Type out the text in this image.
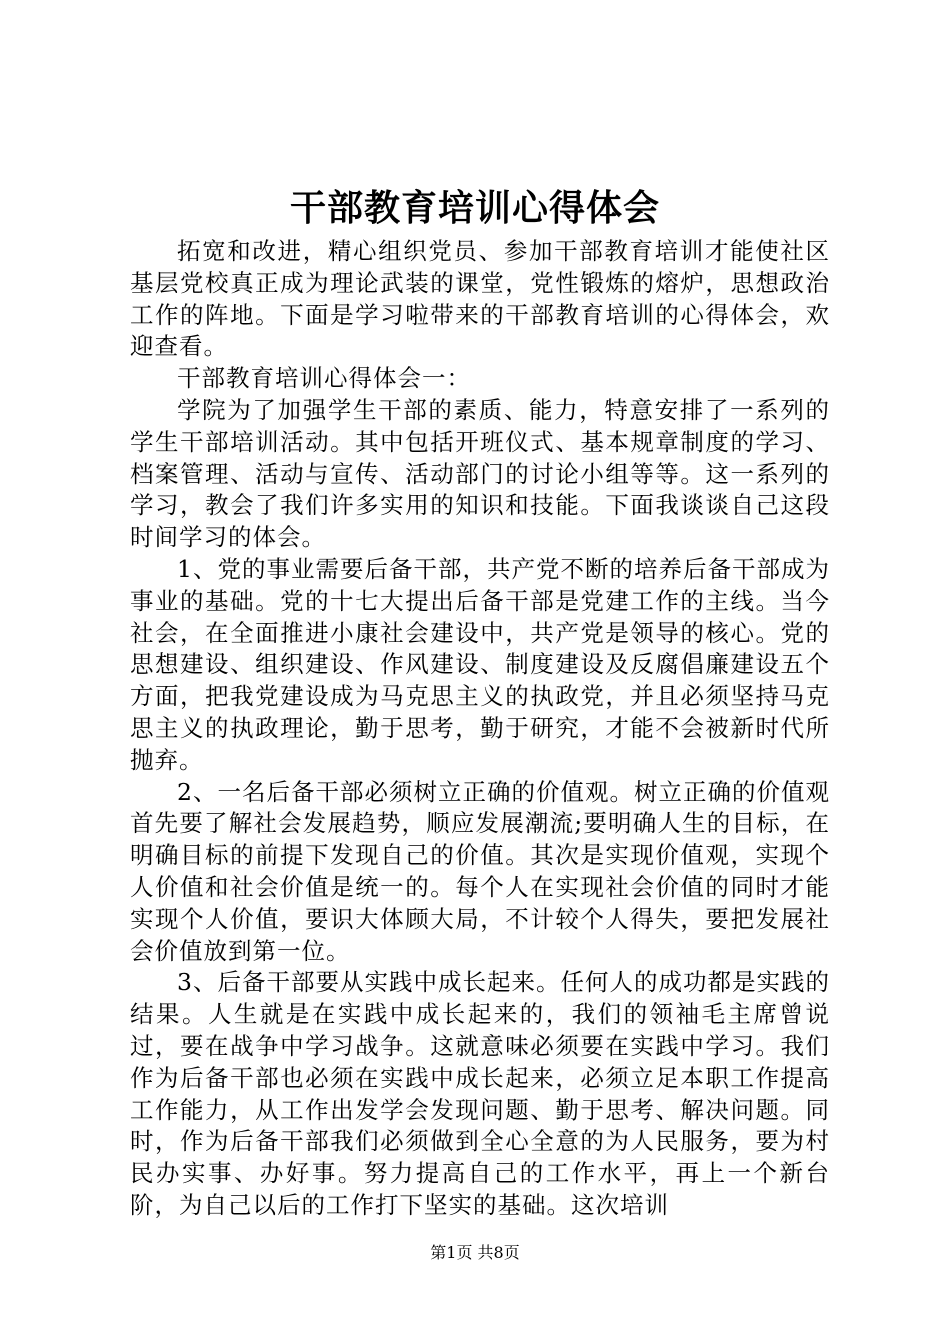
干部教育培训心得体会

拓宽和改进，精心组织党员、参加干部教育培训才能使社区基层党校真正成为理论武装的课堂，党性锻炼的熔炉，思想政治工作的阵地。下面是学习啦带来的干部教育培训的心得体会，欢迎查看。

干部教育培训心得体会一：

学院为了加强学生干部的素质、能力，特意安排了一系列的学生干部培训活动。其中包括开班仪式、基本规章制度的学习、档案管理、活动与宣传、活动部门的讨论小组等等。这一系列的学习，教会了我们许多实用的知识和技能。下面我谈谈自己这段时间学习的体会。

1、党的事业需要后备干部，共产党不断的培养后备干部成为事业的基础。党的十七大提出后备干部是党建工作的主线。当今社会，在全面推进小康社会建设中，共产党是领导的核心。党的思想建设、组织建设、作风建设、制度建设及反腐倡廉建设五个方面，把我党建设成为马克思主义的执政党，并且必须坚持马克思主义的执政理论，勤于思考，勤于研究，才能不会被新时代所抛弃。

2、一名后备干部必须树立正确的价值观。树立正确的价值观首先要了解社会发展趋势，顺应发展潮流;要明确人生的目标，在明确目标的前提下发现自己的价值。其次是实现价值观，实现个人价值和社会价值是统一的。每个人在实现社会价值的同时才能实现个人价值，要识大体顾大局，不计较个人得失，要把发展社会价值放到第一位。

3、后备干部要从实践中成长起来。任何人的成功都是实践的结果。人生就是在实践中成长起来的，我们的领袖毛主席曾说过，要在战争中学习战争。这就意味必须要在实践中学习。我们作为后备干部也必须在实践中成长起来，必须立足本职工作提高工作能力，从工作出发学会发现问题、勤于思考、解决问题。同时，作为后备干部我们必须做到全心全意的为人民服务，要为村民办实事、办好事。努力提高自己的工作水平，再上一个新台阶，为自己以后的工作打下坚实的基础。这次培训

第1页 共8页
